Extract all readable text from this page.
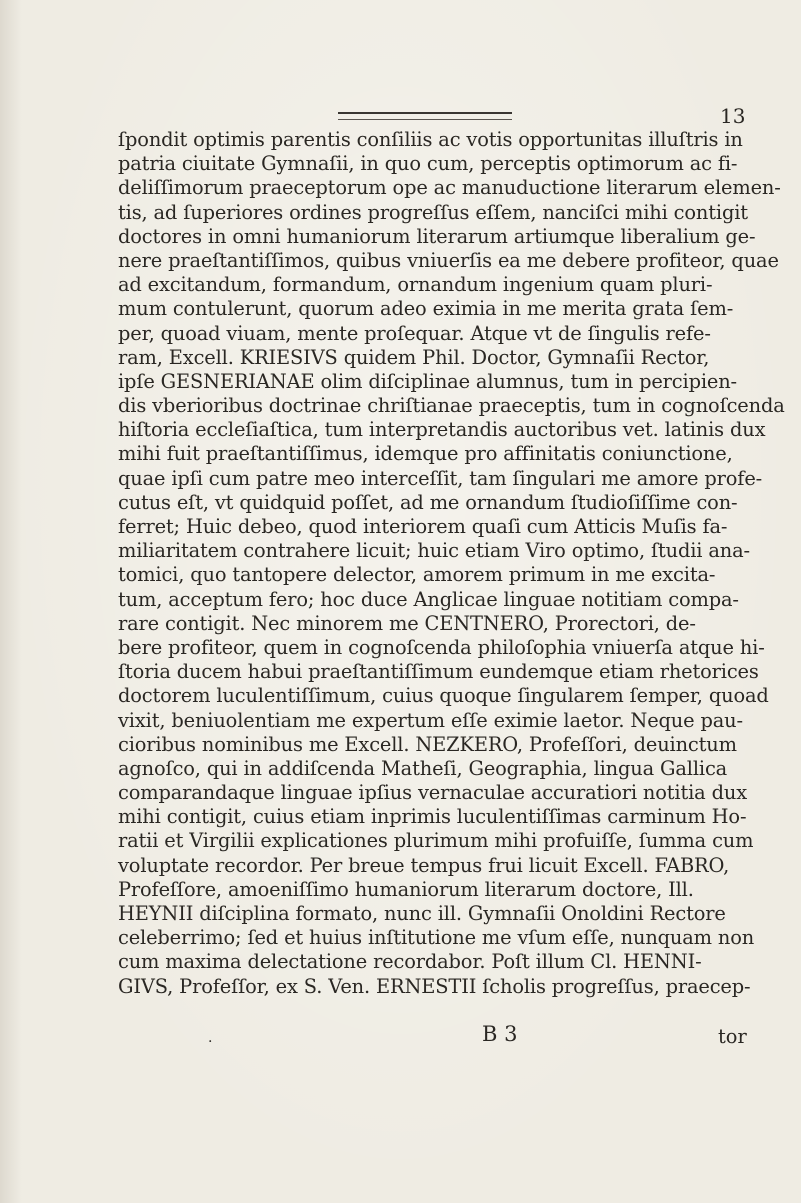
13
ſpondit optimis parentis conſiliis ac votis opportunitas illuſtris in
patria ciuitate Gymnaſii, in quo cum, perceptis optimorum ac fi-
deliſſimorum praeceptorum ope ac manuductione literarum elemen-
tis, ad ſuperiores ordines progreſſus eſſem, nanciſci mihi contigit
doctores in omni humaniorum literarum artiumque liberalium ge-
nere praeſtantiſſimos, quibus vniuerſis ea me debere profiteor, quae
ad excitandum, formandum, ornandum ingenium quam pluri-
mum contulerunt, quorum adeo eximia in me merita grata ſem-
per, quoad viuam, mente proſequar. Atque vt de ſingulis refe-
ram, Excell. KRIESIVS quidem Phil. Doctor, Gymnaſii Rector,
ipſe GESNERIANAE olim diſciplinae alumnus, tum in percipien-
dis vberioribus doctrinae chriſtianae praeceptis, tum in cognoſcenda
hiſtoria eccleſiaſtica, tum interpretandis auctoribus vet. latinis dux
mihi fuit praeſtantiſſimus, idemque pro affinitatis coniunctione,
quae ipſi cum patre meo interceſſit, tam ſingulari me amore profe-
cutus eſt, vt quidquid poſſet, ad me ornandum ſtudioſiſſime con-
ferret; Huic debeo, quod interiorem quaſi cum Atticis Muſis fa-
miliaritatem contrahere licuit; huic etiam Viro optimo, ſtudii ana-
tomici, quo tantopere delector, amorem primum in me excita-
tum, acceptum fero; hoc duce Anglicae linguae notitiam compa-
rare contigit. Nec minorem me CENTNERO, Prorectori, de-
bere profiteor, quem in cognoſcenda philoſophia vniuerſa atque hi-
ſtoria ducem habui praeſtantiſſimum eundemque etiam rhetorices
doctorem luculentiſſimum, cuius quoque ſingularem ſemper, quoad
vixit, beniuolentiam me expertum eſſe eximie laetor. Neque pau-
cioribus nominibus me Excell. NEZKERO, Profeſſori, deuinctum
agnoſco, qui in addiſcenda Matheſi, Geographia, lingua Gallica
comparandaque linguae ipſius vernaculae accuratiori notitia dux
mihi contigit, cuius etiam inprimis luculentiſſimas carminum Ho-
ratii et Virgilii explicationes plurimum mihi profuiſſe, ſumma cum
voluptate recordor. Per breue tempus frui licuit Excell. FABRO,
Profeſſore, amoeniſſimo humaniorum literarum doctore, Ill.
HEYNII diſciplina formato, nunc ill. Gymnaſii Onoldini Rectore
celeberrimo; ſed et huius inſtitutione me vſum eſſe, nunquam non
cum maxima delectatione recordabor. Poſt illum Cl. HENNI-
GIVS, Profeſſor, ex S. Ven. ERNESTII ſcholis progreſſus, praecep-
.	B 3	tor
